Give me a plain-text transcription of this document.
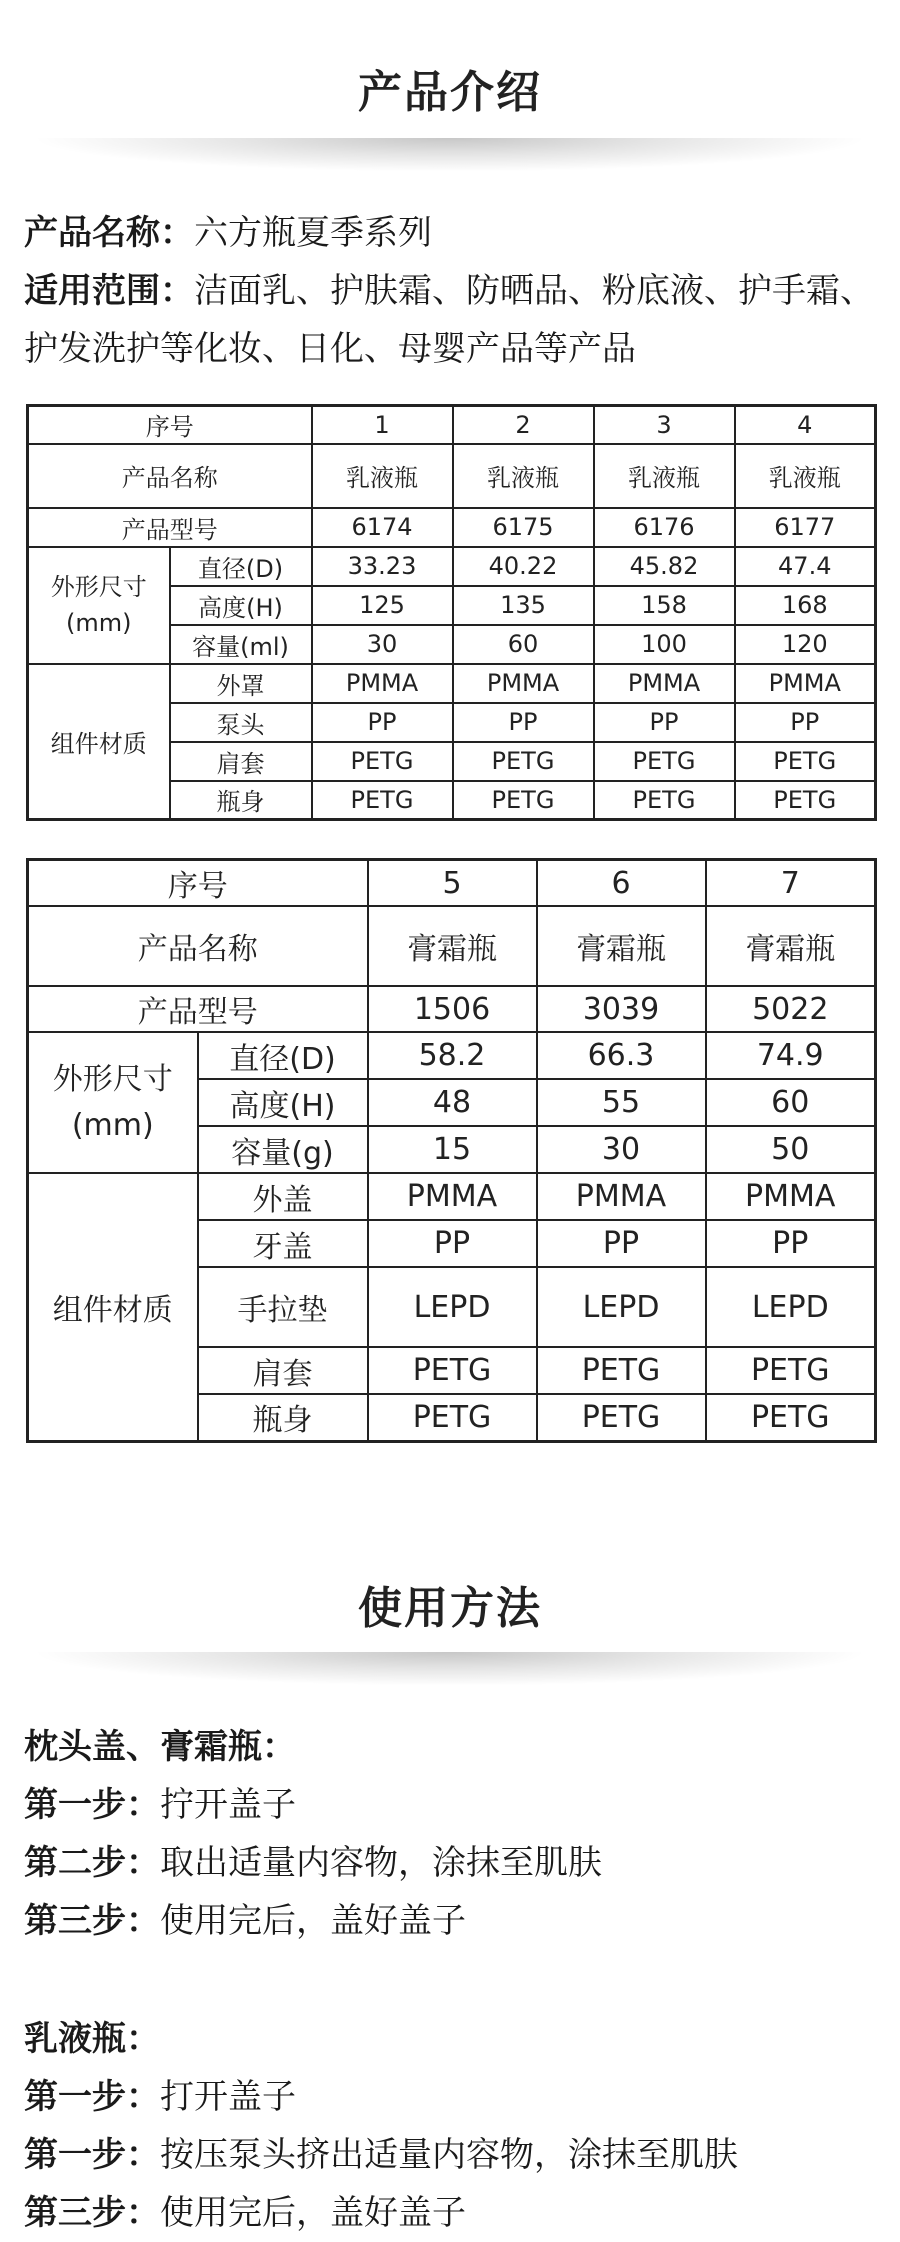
产品介绍
产品名称：六方瓶夏季系列
适用范围：洁面乳、护肤霜、防晒品、粉底液、护手霜、护发洗护等化妆、日化、母婴产品等产品
序号		1	2	3	4
产品名称		乳液瓶	乳液瓶	乳液瓶	乳液瓶
产品型号		6174	6175	6176	6177
外形尺寸(mm)	直径(D)	33.23	40.22	45.82	47.4
	高度(H)	125	135	158	168
	容量(ml)	30	60	100	120
组件材质	外罩	PMMA	PMMA	PMMA	PMMA
	泵头	PP	PP	PP	PP
	肩套	PETG	PETG	PETG	PETG
	瓶身	PETG	PETG	PETG	PETG
序号		5	6	7
产品名称		膏霜瓶	膏霜瓶	膏霜瓶
产品型号		1506	3039	5022
外形尺寸(mm)	直径(D)	58.2	66.3	74.9
	高度(H)	48	55	60
	容量(g)	15	30	50
组件材质	外盖	PMMA	PMMA	PMMA
	牙盖	PP	PP	PP
	手拉垫	LEPD	LEPD	LEPD
	肩套	PETG	PETG	PETG
	瓶身	PETG	PETG	PETG
使用方法
枕头盖、膏霜瓶：
第一步：拧开盖子
第二步：取出适量内容物，涂抹至肌肤
第三步：使用完后，盖好盖子
乳液瓶：
第一步：打开盖子
第一步：按压泵头挤出适量内容物，涂抹至肌肤
第三步：使用完后，盖好盖子
